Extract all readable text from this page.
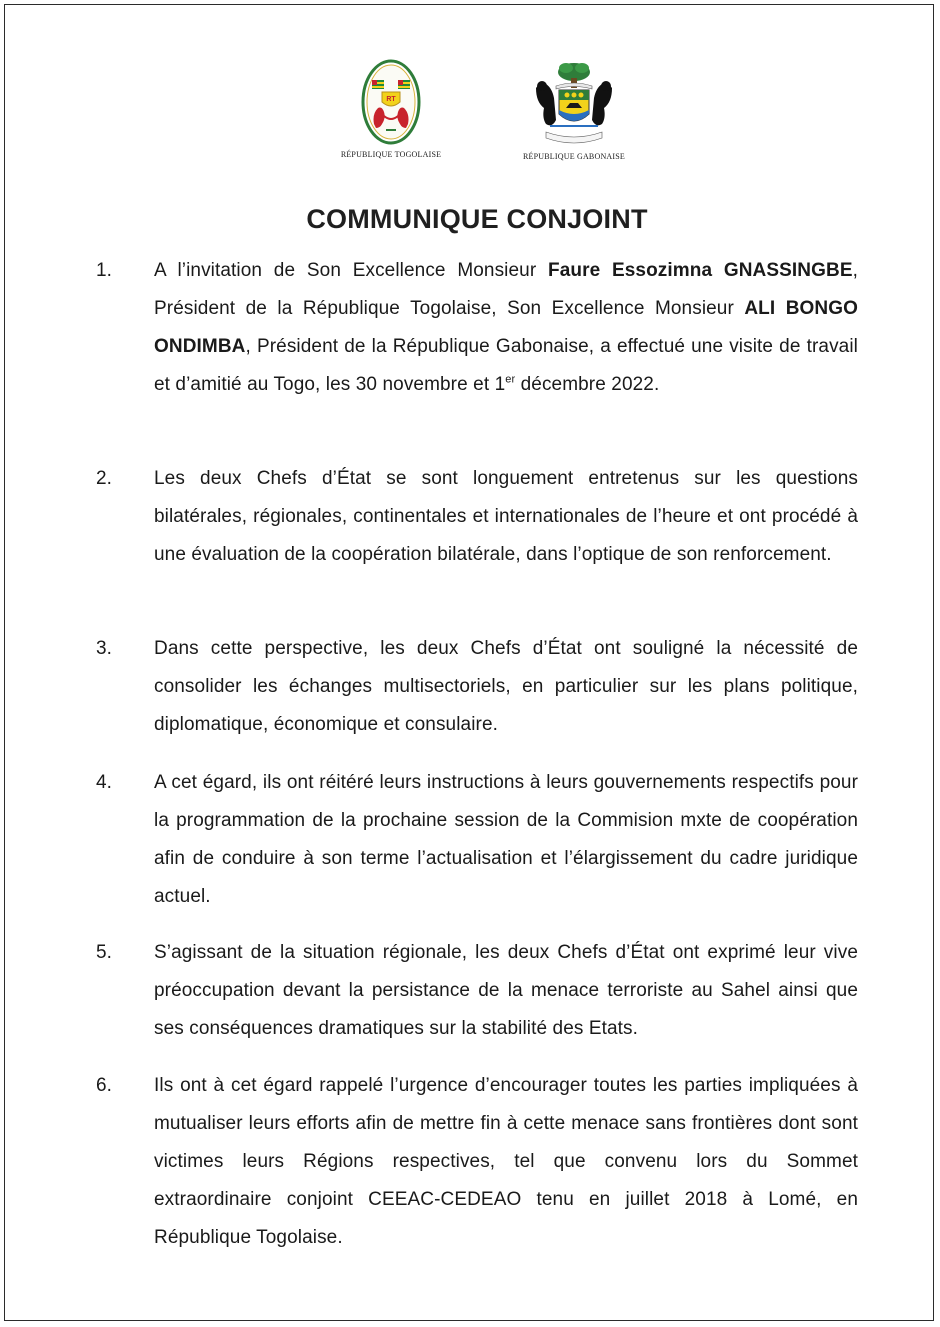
RT
RÉPUBLIQUE TOGOLAISE	RÉPUBLIQUE GABONAISE
COMMUNIQUE CONJOINT
1.	A l’invitation de Son Excellence Monsieur Faure Essozimna GNASSINGBE, Président de la République Togolaise, Son Excellence Monsieur ALI BONGO ONDIMBA, Président de la République Gabonaise, a effectué une visite de travail et d’amitié au Togo, les 30 novembre et 1er décembre 2022.
2.	Les deux Chefs d’État se sont longuement entretenus sur les questions bilatérales, régionales, continentales et internationales de l’heure et ont procédé à une évaluation de la coopération bilatérale, dans l’optique de son renforcement.
3.	Dans cette perspective, les deux Chefs d’État ont souligné la nécessité de consolider les échanges multisectoriels, en particulier sur les plans politique, diplomatique, économique et consulaire.
4.	A cet égard, ils ont réitéré leurs instructions à leurs gouvernements respectifs pour la programmation de la prochaine session de la Commision mxte de coopération afin de conduire à son terme l’actualisation et l’élargissement du cadre juridique actuel.
5.	S’agissant de la situation régionale, les deux Chefs d’État ont exprimé leur vive préoccupation devant la persistance de la menace terroriste au Sahel ainsi que ses conséquences dramatiques sur la stabilité des Etats.
6.	Ils ont à cet égard rappelé l’urgence d’encourager toutes les parties impliquées à mutualiser leurs efforts afin de mettre fin à cette menace sans frontières dont sont victimes leurs Régions respectives, tel que convenu lors du Sommet extraordinaire conjoint CEEAC-CEDEAO tenu en juillet 2018 à Lomé, en République Togolaise.
